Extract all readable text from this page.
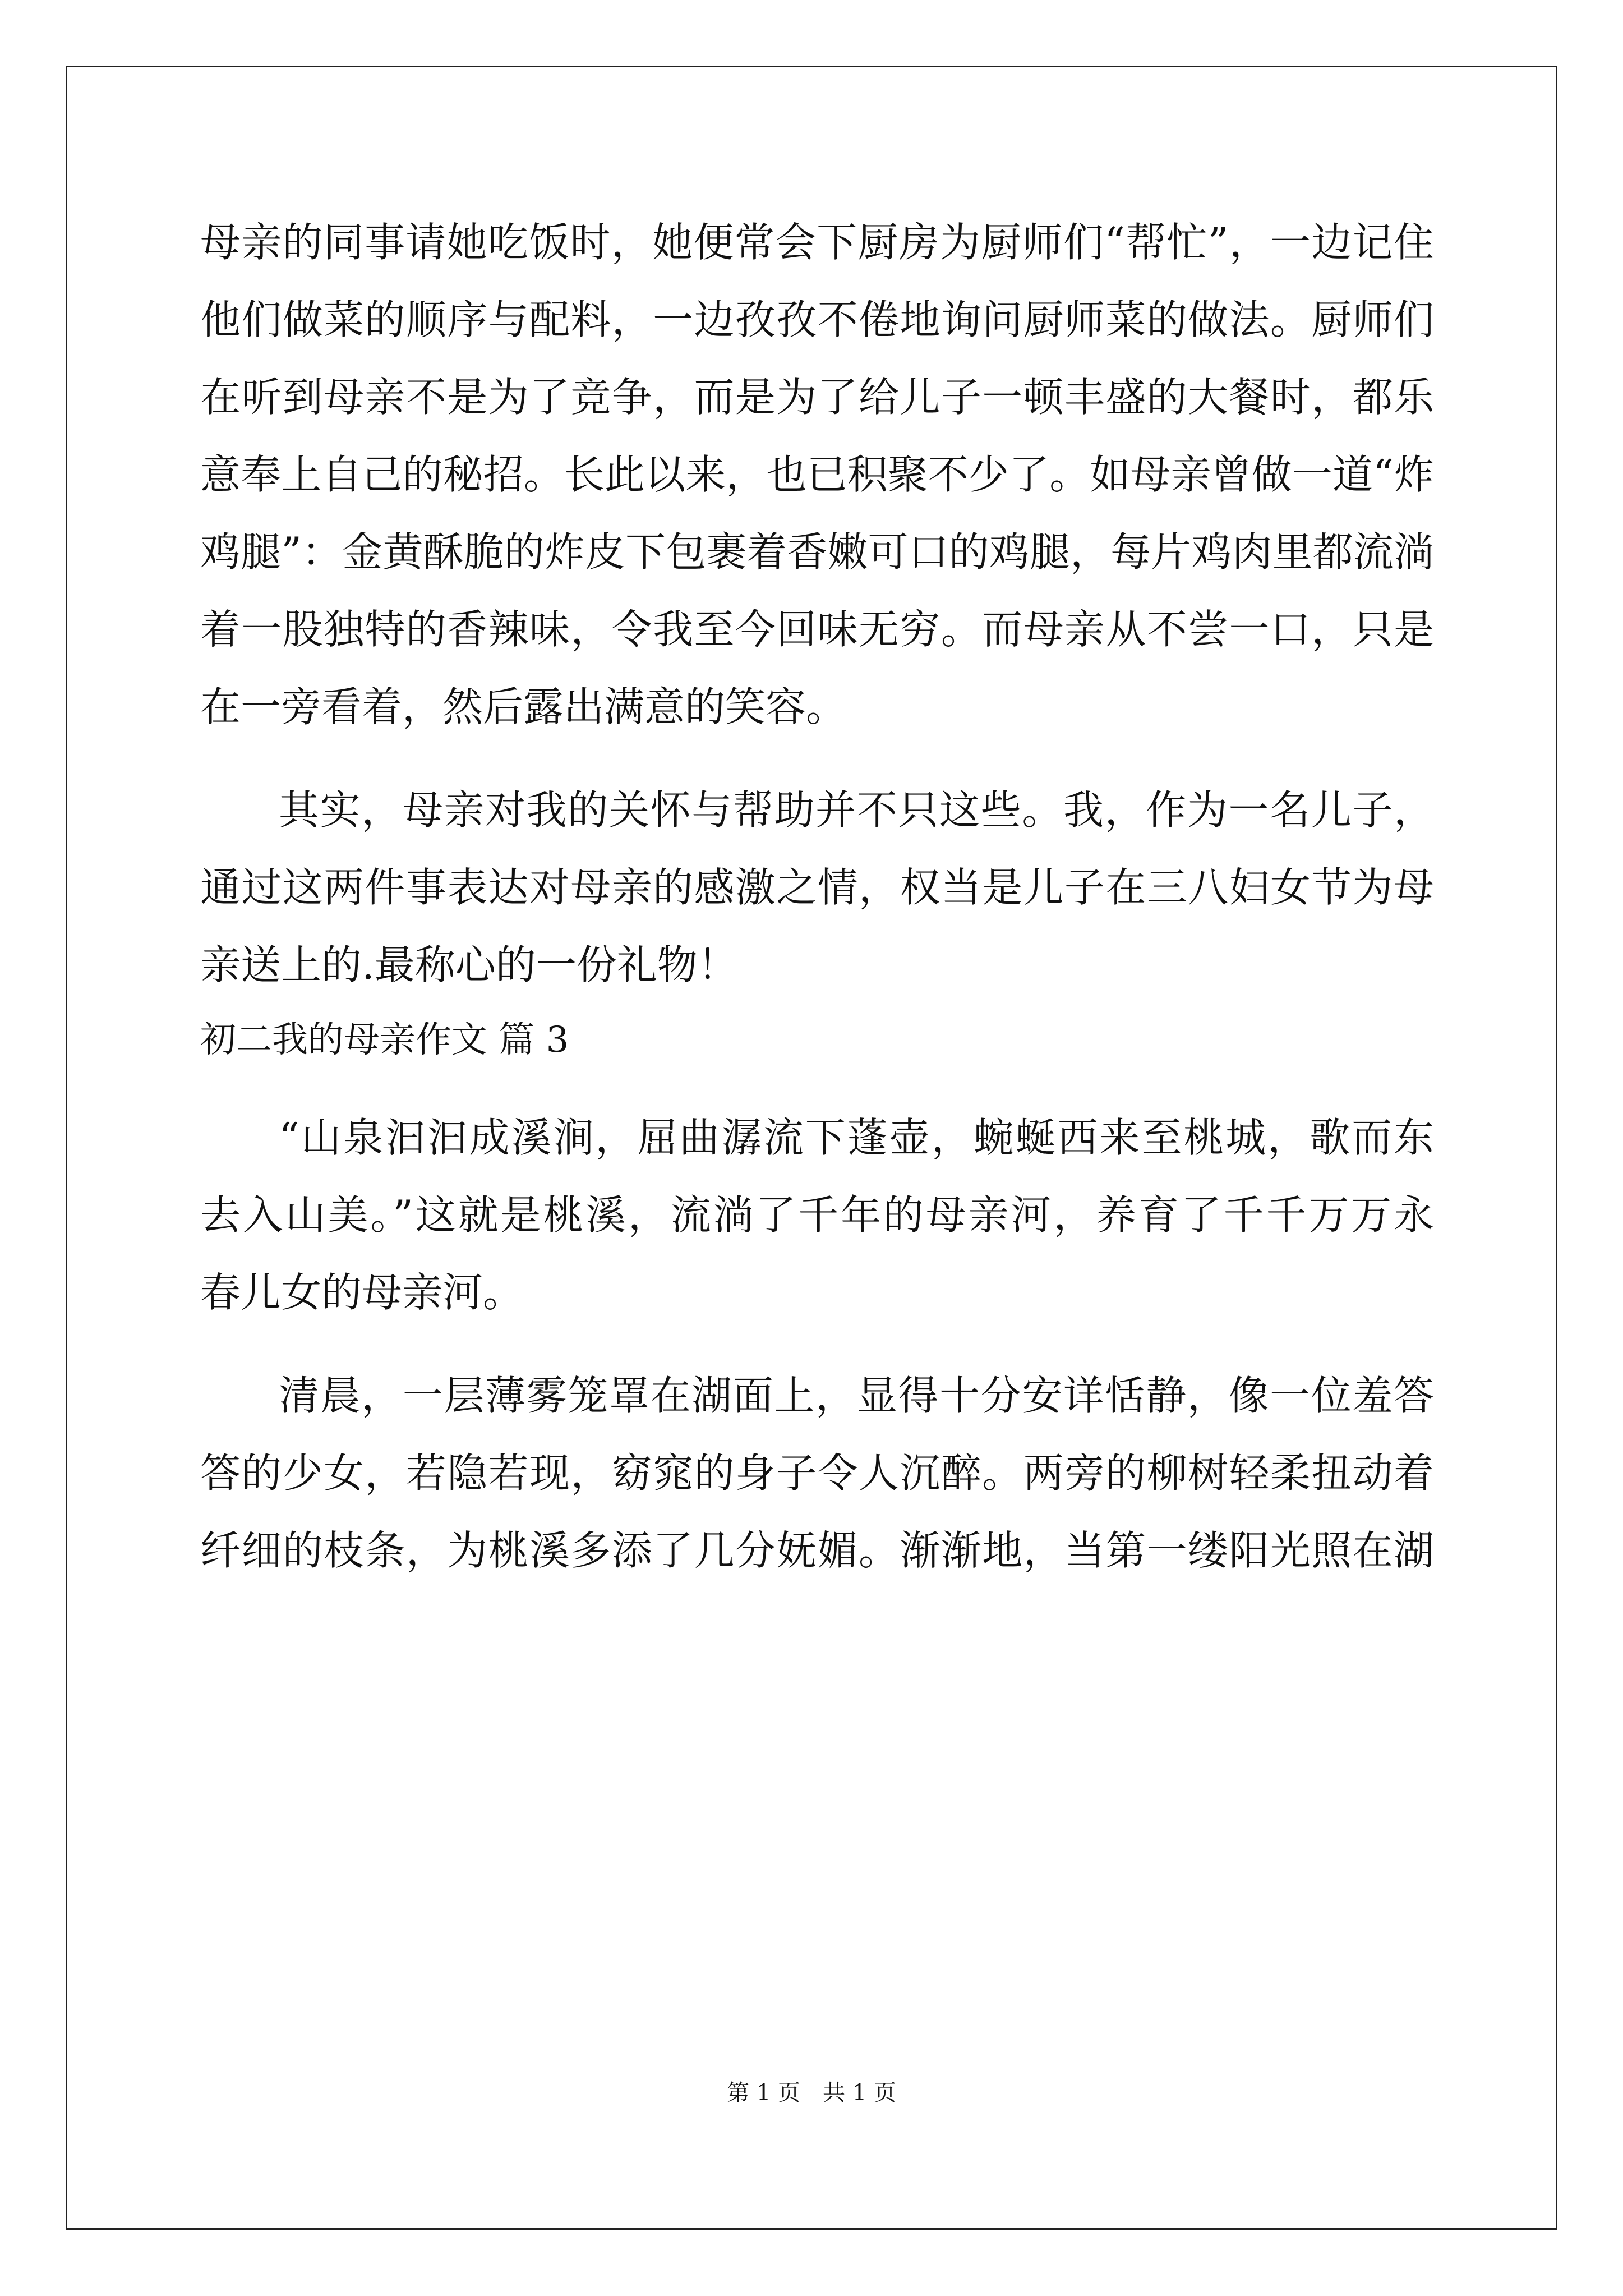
母亲的同事请她吃饭时，她便常会下厨房为厨师们“帮忙”，一边记住
他们做菜的顺序与配料，一边孜孜不倦地询问厨师菜的做法。厨师们
在听到母亲不是为了竞争，而是为了给儿子一顿丰盛的大餐时，都乐
意奉上自己的秘招。长此以来，也已积聚不少了。如母亲曾做一道“炸
鸡腿”：金黄酥脆的炸皮下包裹着香嫩可口的鸡腿，每片鸡肉里都流淌
着一股独特的香辣味，令我至今回味无穷。而母亲从不尝一口，只是
在一旁看着，然后露出满意的笑容。
其实，母亲对我的关怀与帮助并不只这些。我，作为一名儿子，
通过这两件事表达对母亲的感激之情，权当是儿子在三八妇女节为母
亲送上的.最称心的一份礼物！
初二我的母亲作文 篇 3
“山泉汩汩成溪涧，屈曲潺流下蓬壶，蜿蜒西来至桃城，歌而东
去入山美。”这就是桃溪，流淌了千年的母亲河，养育了千千万万永
春儿女的母亲河。
清晨，一层薄雾笼罩在湖面上，显得十分安详恬静，像一位羞答
答的少女，若隐若现，窈窕的身子令人沉醉。两旁的柳树轻柔扭动着
纤细的枝条，为桃溪多添了几分妩媚。渐渐地，当第一缕阳光照在湖
第 1 页　共 1 页
